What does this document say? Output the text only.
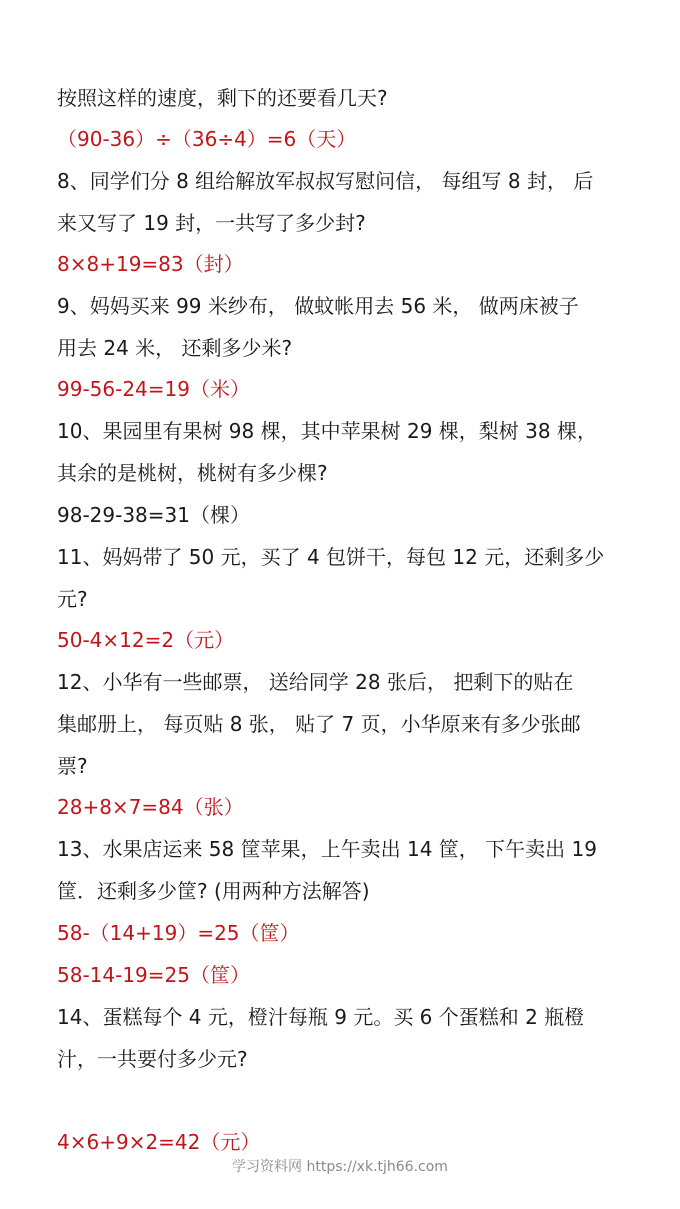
按照这样的速度，剩下的还要看几天?
（90-36）÷（36÷4）=6（天）
8、同学们分 8 组给解放军叔叔写慰问信， 每组写 8 封， 后
来又写了 19 封，一共写了多少封?
8×8+19=83（封）
9、妈妈买来 99 米纱布， 做蚊帐用去 56 米， 做两床被子
用去 24 米， 还剩多少米?
99-56-24=19（米）
10、果园里有果树 98 棵，其中苹果树 29 棵，梨树 38 棵，
其余的是桃树，桃树有多少棵?
98-29-38=31（棵）
11、妈妈带了 50 元，买了 4 包饼干，每包 12 元，还剩多少
元?
50-4×12=2（元）
12、小华有一些邮票， 送给同学 28 张后， 把剩下的贴在
集邮册上， 每页贴 8 张， 贴了 7 页，小华原来有多少张邮
票?
28+8×7=84（张）
13、水果店运来 58 筐苹果，上午卖出 14 筐， 下午卖出 19
筐．还剩多少筐? (用两种方法解答)
58-（14+19）=25（筐）
58-14-19=25（筐）
14、蛋糕每个 4 元，橙汁每瓶 9 元。买 6 个蛋糕和 2 瓶橙
汁，一共要付多少元?
4×6+9×2=42（元）
学习资料网 https://xk.tjh66.com
